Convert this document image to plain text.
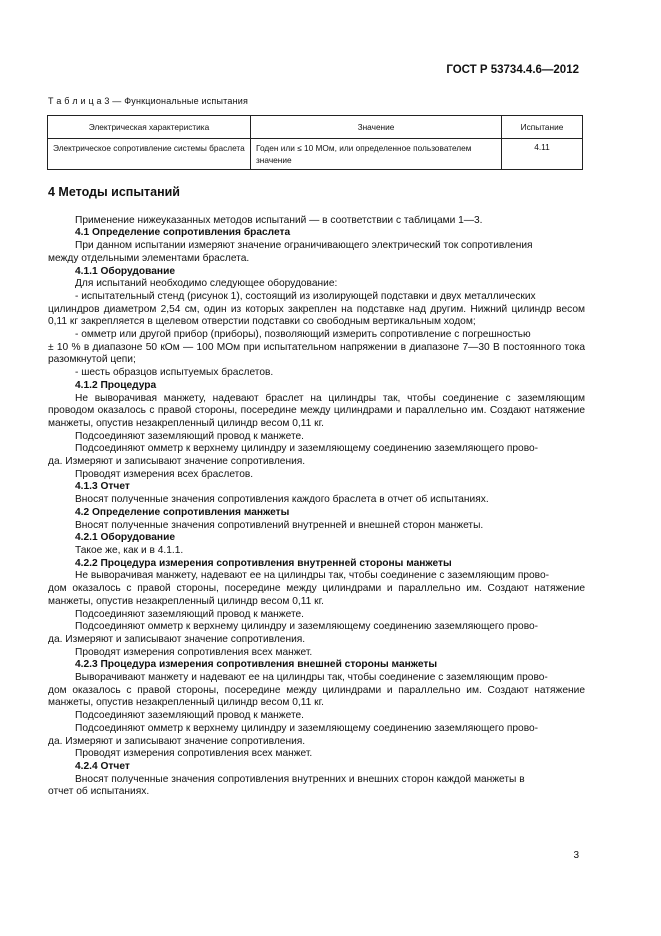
ГОСТ Р 53734.4.6—2012
Т а б л и ц а 3 — Функциональные испытания
Электрическая характеристика	Значение	Испытание
Электрическое сопротивление системы браслета	Годен или ≤ 10 МОм, или определенное пользователем значение	4.11

4 Методы испытаний

Применение нижеуказанных методов испытаний — в соответствии с таблицами 1—3.

4.1 Определение сопротивления браслета

При данном испытании измеряют значение ограничивающего электрический ток сопротивления

между отдельными элементами браслета.

4.1.1 Оборудование

Для испытаний необходимо следующее оборудование:

- испытательный стенд (рисунок 1), состоящий из изолирующей подставки и двух металлических

цилиндров диаметром 2,54 см, один из которых закреплен на подставке над другим. Нижний цилиндр весом 0,11 кг закрепляется в щелевом отверстии подставки со свободным вертикальным ходом;

- омметр или другой прибор (приборы), позволяющий измерить сопротивление с погрешностью

± 10 % в диапазоне 50 кОм — 100 МОм при испытательном напряжении в диапазоне 7—30 В постоянного тока разомкнутой цепи;

- шесть образцов испытуемых браслетов.

4.1.2 Процедура

Не выворачивая манжету, надевают браслет на цилиндры так, чтобы соединение с заземляющим проводом оказалось с правой стороны, посередине между цилиндрами и параллельно им. Создают натяжение манжеты, опустив незакрепленный цилиндр весом 0,11 кг.

Подсоединяют заземляющий провод к манжете.

Подсоединяют омметр к верхнему цилиндру и заземляющему соединению заземляющего прово-

да. Измеряют и записывают значение сопротивления.

Проводят измерения всех браслетов.

4.1.3 Отчет

Вносят полученные значения сопротивления каждого браслета в отчет об испытаниях.

4.2 Определение сопротивления манжеты

Вносят полученные значения сопротивлений внутренней и внешней сторон манжеты.

4.2.1 Оборудование

Такое же, как и в 4.1.1.

4.2.2 Процедура измерения сопротивления внутренней стороны манжеты

Не выворачивая манжету, надевают ее на цилиндры так, чтобы соединение с заземляющим прово-

дом оказалось с правой стороны, посередине между цилиндрами и параллельно им. Создают натяжение манжеты, опустив незакрепленный цилиндр весом 0,11 кг.

Подсоединяют заземляющий провод к манжете.

Подсоединяют омметр к верхнему цилиндру и заземляющему соединению заземляющего прово-

да. Измеряют и записывают значение сопротивления.

Проводят измерения сопротивления всех манжет.

4.2.3 Процедура измерения сопротивления внешней стороны манжеты

Выворачивают манжету и надевают ее на цилиндры так, чтобы соединение с заземляющим прово-

дом оказалось с правой стороны, посередине между цилиндрами и параллельно им. Создают натяжение манжеты, опустив незакрепленный цилиндр весом 0,11 кг.

Подсоединяют заземляющий провод к манжете.

Подсоединяют омметр к верхнему цилиндру и заземляющему соединению заземляющего прово-

да. Измеряют и записывают значение сопротивления.

Проводят измерения сопротивления всех манжет.

4.2.4 Отчет

Вносят полученные значения сопротивления внутренних и внешних сторон каждой манжеты в

отчет об испытаниях.

3
